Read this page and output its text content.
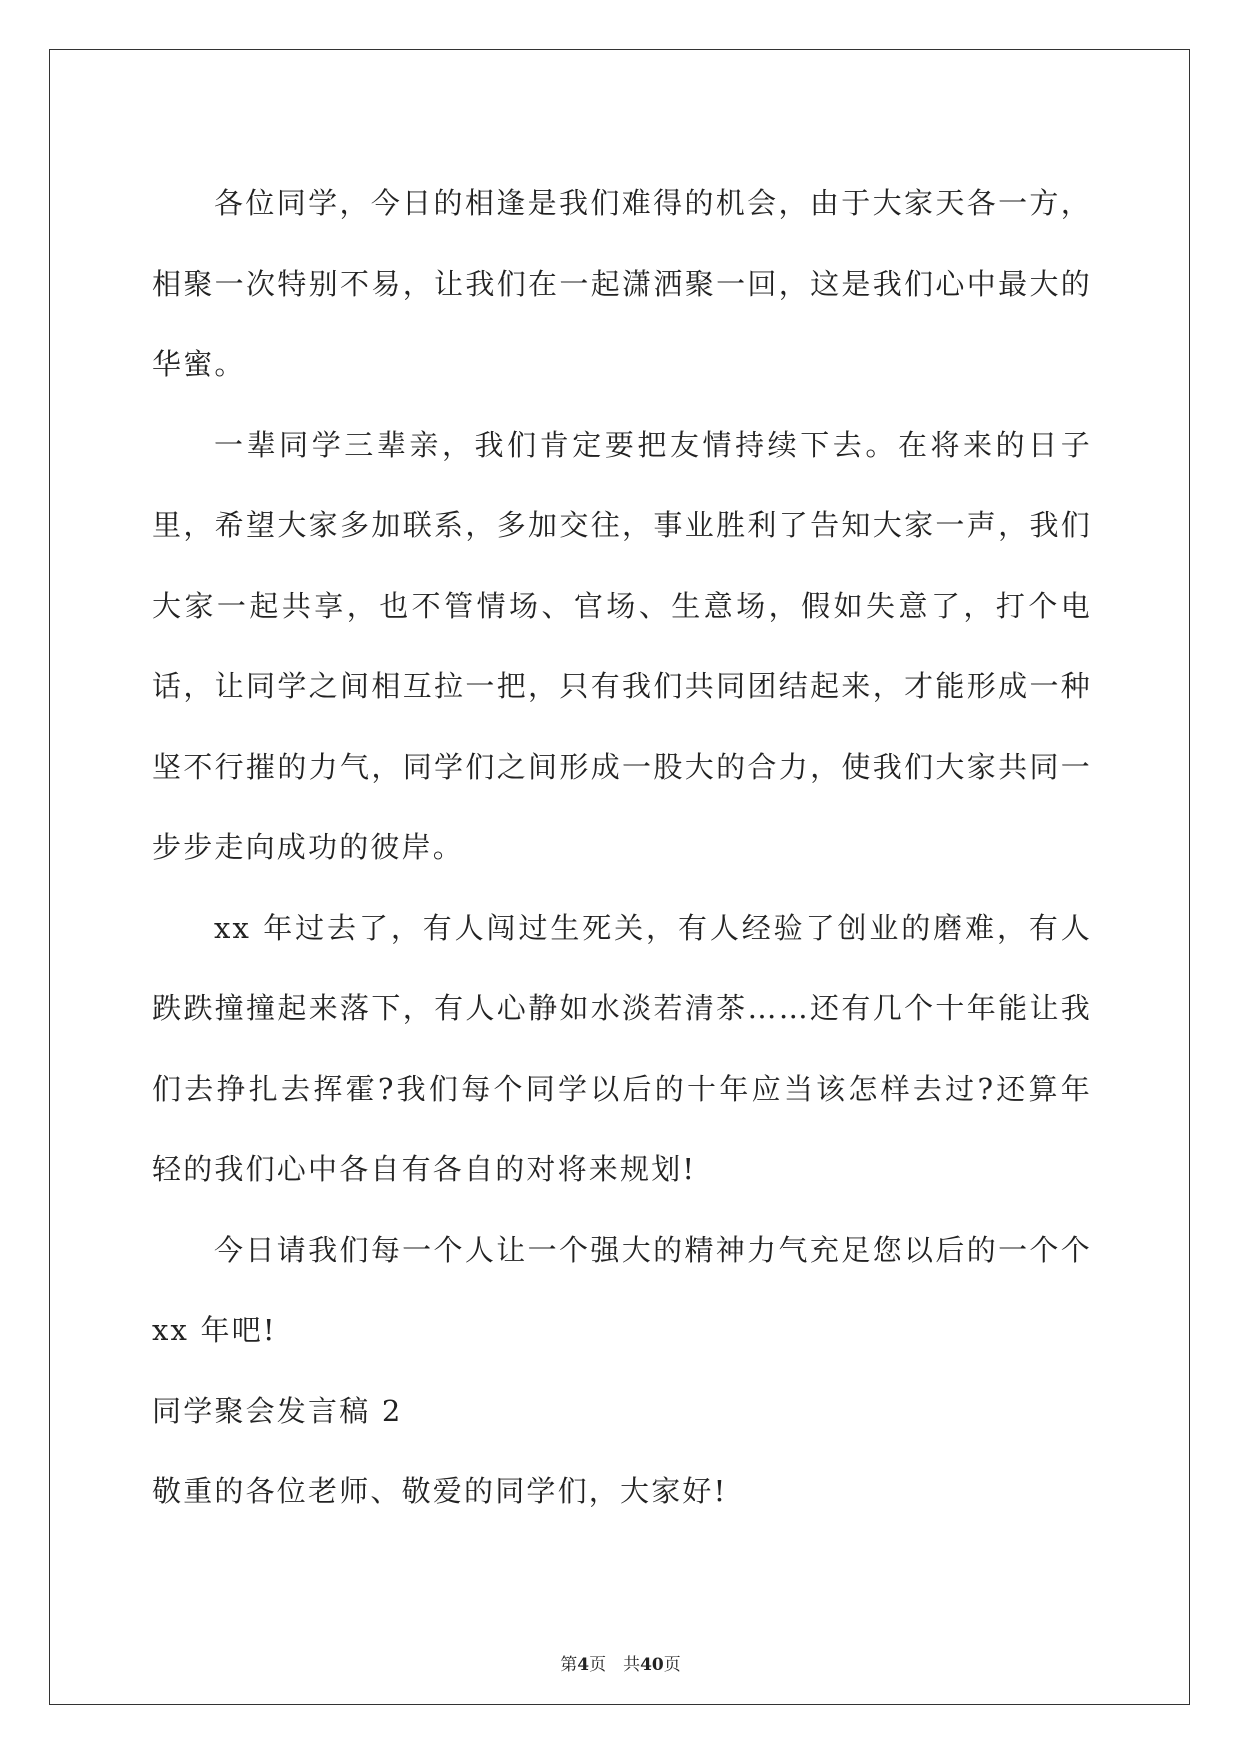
各位同学，今日的相逢是我们难得的机会，由于大家天各一方，相聚一次特别不易，让我们在一起潇洒聚一回，这是我们心中最大的华蜜。

一辈同学三辈亲，我们肯定要把友情持续下去。在将来的日子里，希望大家多加联系，多加交往，事业胜利了告知大家一声，我们大家一起共享，也不管情场、官场、生意场，假如失意了，打个电话，让同学之间相互拉一把，只有我们共同团结起来，才能形成一种坚不行摧的力气，同学们之间形成一股大的合力，使我们大家共同一步步走向成功的彼岸。

xx 年过去了，有人闯过生死关，有人经验了创业的磨难，有人跌跌撞撞起来落下，有人心静如水淡若清茶……还有几个十年能让我们去挣扎去挥霍?我们每个同学以后的十年应当该怎样去过?还算年轻的我们心中各自有各自的对将来规划!

今日请我们每一个人让一个强大的精神力气充足您以后的一个个xx 年吧!

同学聚会发言稿 2

敬重的各位老师、敬爱的同学们，大家好!

第4页　共40页
